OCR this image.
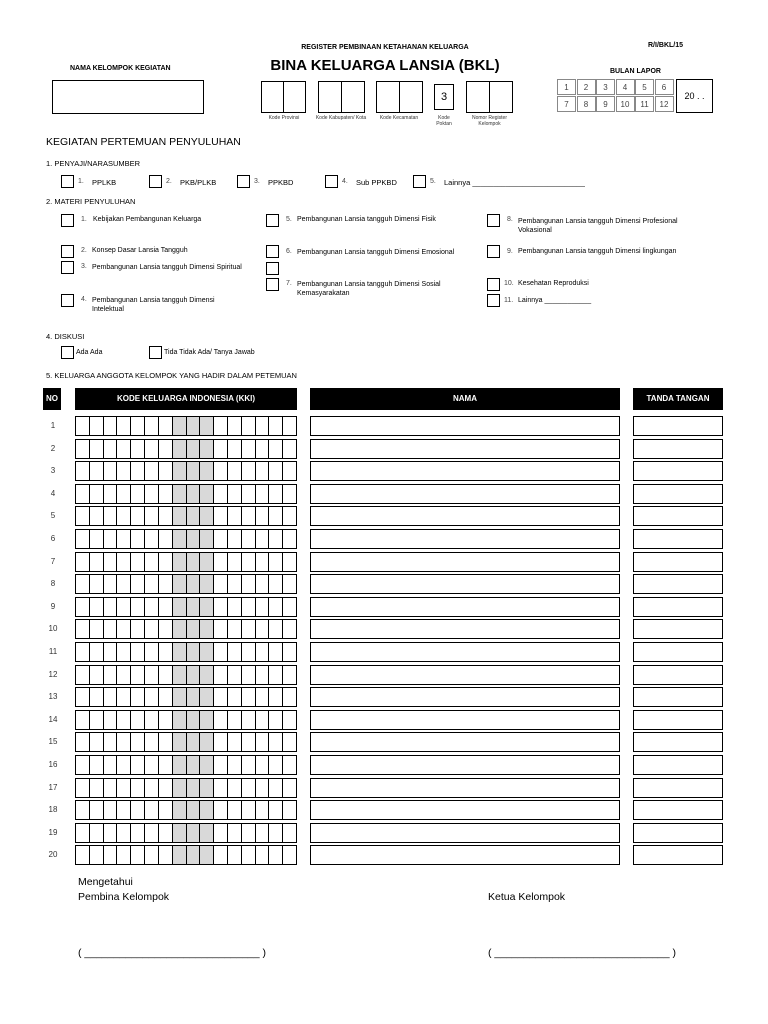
REGISTER PEMBINAAN KETAHANAN KELUARGA	R/I/BKL/15
BINA KELUARGA LANSIA (BKL)
NAMA KELOMPOK KEGIATAN
3
Kode Provinsi	Kode Kabupaten/ Kota	Kode Kecamatan	Kode Poktan
Nomor Register Kelompok
BULAN LAPOR
1	2	3	4	5	6
7	8	9	10	11	12
20 . .
KEGIATAN PERTEMUAN PENYULUHAN
1. PENYAJI/NARASUMBER
1. PPLKB	2. PKB/PLKB	3. PPKBD	4. Sub PPKBD	5. Lainnya ___________________________
2. MATERI PENYULUHAN
1. Kebijakan Pembangunan Keluarga
2. Konsep Dasar Lansia Tangguh
3. Pembangunan Lansia tangguh Dimensi Spiritual
4. Pembangunan Lansia tangguh Dimensi Intelektual
5. Pembangunan Lansia tangguh Dimensi Fisik
6. Pembangunan Lansia tangguh Dimensi Emosional
7. Pembangunan Lansia tangguh Dimensi Sosial Kemasyarakatan
8. Pembangunan Lansia tangguh Dimensi Profesional Vokasional
9. Pembangunan Lansia tangguh Dimensi lingkungan
10. Kesehatan Reproduksi
11. Lainnya ____________
4. DISKUSI
Ada Ada	Tida Tidak Ada/ Tanya Jawab
5. KELUARGA ANGGOTA KELOMPOK YANG HADIR DALAM PETEMUAN
NO	KODE KELUARGA INDONESIA (KKI)	NAMA	TANDA TANGAN
1
2
3
4
5
6
7
8
9
10
11
12
13
14
15
16
17
18
19
20
Mengetahui
Pembina Kelompok	Ketua Kelompok
( ______________________________ )	( ______________________________ )
